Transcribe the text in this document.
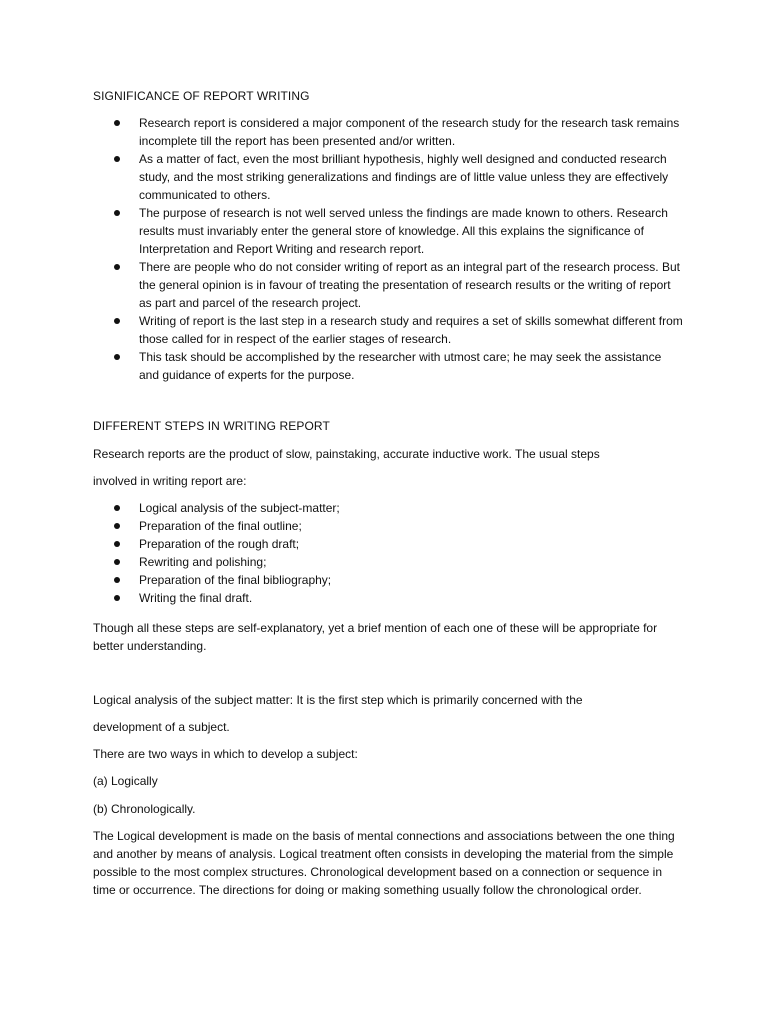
SIGNIFICANCE OF REPORT WRITING
Research report is considered a major component of the research study for the research task remains incomplete till the report has been presented and/or written.
As a matter of fact, even the most brilliant hypothesis, highly well designed and conducted research study, and the most striking generalizations and findings are of little value unless they are effectively communicated to others.
The purpose of research is not well served unless the findings are made known to others. Research results must invariably enter the general store of knowledge. All this explains the significance of Interpretation and Report Writing and research report.
There are people who do not consider writing of report as an integral part of the research process. But the general opinion is in favour of treating the presentation of research results or the writing of report as part and parcel of the research project.
Writing of report is the last step in a research study and requires a set of skills somewhat different from those called for in respect of the earlier stages of research.
This task should be accomplished by the researcher with utmost care; he may seek the assistance and guidance of experts for the purpose.
DIFFERENT STEPS IN WRITING REPORT

Research reports are the product of slow, painstaking, accurate inductive work. The usual steps

involved in writing report are:

Logical analysis of the subject-matter;
Preparation of the final outline;
Preparation of the rough draft;
Rewriting and polishing;
Preparation of the final bibliography;
Writing the final draft.

Though all these steps are self-explanatory, yet a brief mention of each one of these will be appropriate for better understanding.

Logical analysis of the subject matter: It is the first step which is primarily concerned with the

development of a subject.

There are two ways in which to develop a subject:

(a) Logically

(b) Chronologically.

The Logical development is made on the basis of mental connections and associations between the one thing and another by means of analysis. Logical treatment often consists in developing the material from the simple possible to the most complex structures. Chronological development based on a connection or sequence in time or occurrence. The directions for doing or making something usually follow the chronological order.
